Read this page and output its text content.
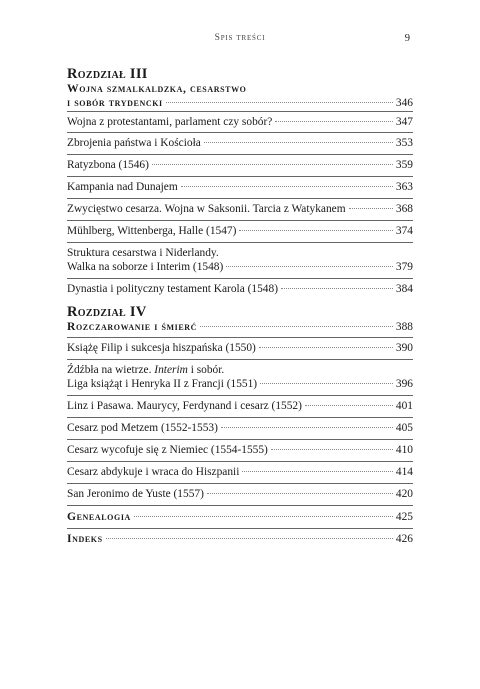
Spis treści	9
Rozdział III
Wojna szmalkaldzka, cesarstwo
i sobór trydencki	346
Wojna z protestantami, parlament czy sobór?	347
Zbrojenia państwa i Kościoła	353
Ratyzbona (1546)	359
Kampania nad Dunajem	363
Zwycięstwo cesarza. Wojna w Saksonii. Tarcia z Watykanem	368
Mühlberg, Wittenberga, Halle (1547)	374
Struktura cesarstwa i Niderlandy.
Walka na soborze i Interim (1548)	379
Dynastia i polityczny testament Karola (1548)	384
Rozdział IV
Rozczarowanie i śmierć	388
Książę Filip i sukcesja hiszpańska (1550)	390
Źdźbła na wietrze. Interim i sobór.
Liga książąt i Henryka II z Francji (1551)	396
Linz i Pasawa. Maurycy, Ferdynand i cesarz (1552)	401
Cesarz pod Metzem (1552-1553)	405
Cesarz wycofuje się z Niemiec (1554-1555)	410
Cesarz abdykuje i wraca do Hiszpanii	414
San Jeronimo de Yuste (1557)	420
Genealogia	425
Indeks	426
